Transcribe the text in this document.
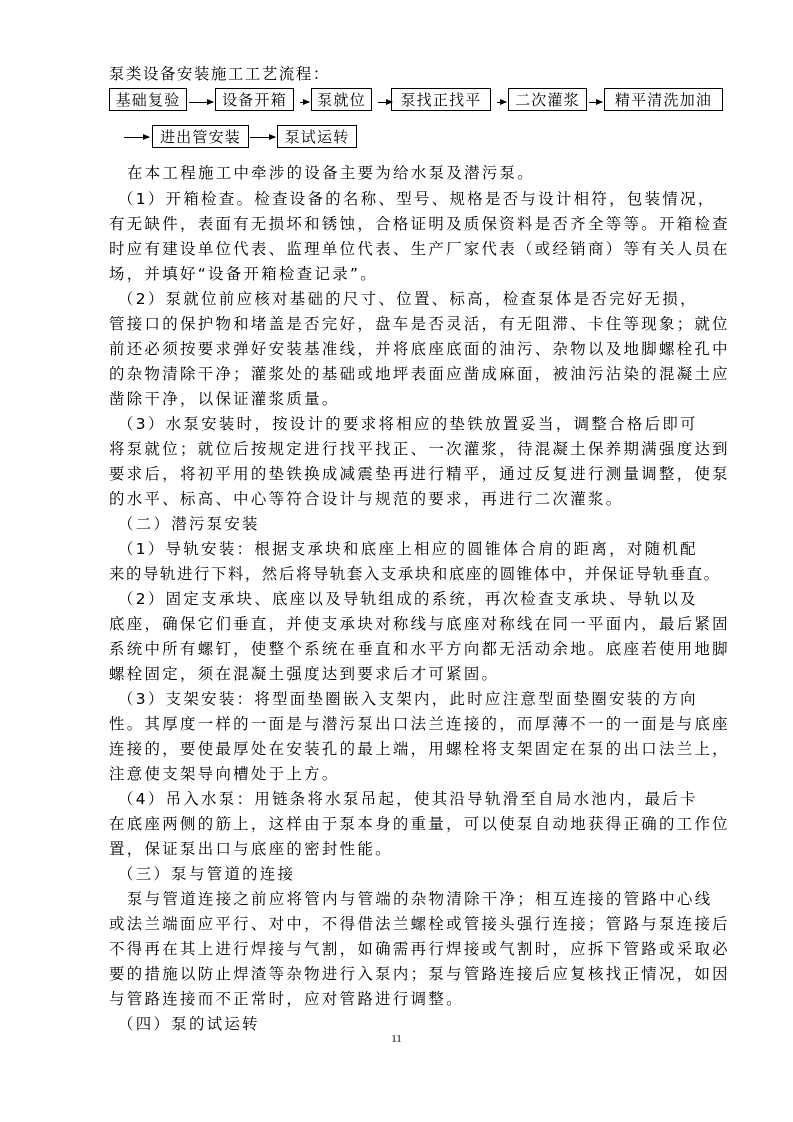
泵类设备安装施工工艺流程：
基础复验	设备开箱	泵就位	泵找正找平	二次灌浆	精平清洗加油
进出管安装	泵试运转
在本工程施工中牵涉的设备主要为给水泵及潜污泵。
（1）开箱检查。检查设备的名称、型号、规格是否与设计相符，包装情况，
有无缺件，表面有无损坏和锈蚀，合格证明及质保资料是否齐全等等。开箱检查
时应有建设单位代表、监理单位代表、生产厂家代表（或经销商）等有关人员在
场，并填好“设备开箱检查记录”。
（2）泵就位前应核对基础的尺寸、位置、标高，检查泵体是否完好无损，
管接口的保护物和堵盖是否完好，盘车是否灵活，有无阻滞、卡住等现象；就位
前还必须按要求弹好安装基准线，并将底座底面的油污、杂物以及地脚螺栓孔中
的杂物清除干净；灌浆处的基础或地坪表面应凿成麻面，被油污沾染的混凝土应
凿除干净，以保证灌浆质量。
（3）水泵安装时，按设计的要求将相应的垫铁放置妥当，调整合格后即可
将泵就位；就位后按规定进行找平找正、一次灌浆，待混凝土保养期满强度达到
要求后，将初平用的垫铁换成减震垫再进行精平，通过反复进行测量调整，使泵
的水平、标高、中心等符合设计与规范的要求，再进行二次灌浆。
（二）潜污泵安装
（1）导轨安装：根据支承块和底座上相应的圆锥体合肩的距离，对随机配
来的导轨进行下料，然后将导轨套入支承块和底座的圆锥体中，并保证导轨垂直。
（2）固定支承块、底座以及导轨组成的系统，再次检查支承块、导轨以及
底座，确保它们垂直，并使支承块对称线与底座对称线在同一平面内，最后紧固
系统中所有螺钉，使整个系统在垂直和水平方向都无活动余地。底座若使用地脚
螺栓固定，须在混凝土强度达到要求后才可紧固。
（3）支架安装：将型面垫圈嵌入支架内，此时应注意型面垫圈安装的方向
性。其厚度一样的一面是与潜污泵出口法兰连接的，而厚薄不一的一面是与底座
连接的，要使最厚处在安装孔的最上端，用螺栓将支架固定在泵的出口法兰上，
注意使支架导向槽处于上方。
（4）吊入水泵：用链条将水泵吊起，使其沿导轨滑至自局水池内，最后卡
在底座两侧的筋上，这样由于泵本身的重量，可以使泵自动地获得正确的工作位
置，保证泵出口与底座的密封性能。
（三）泵与管道的连接
泵与管道连接之前应将管内与管端的杂物清除干净；相互连接的管路中心线
或法兰端面应平行、对中，不得借法兰螺栓或管接头强行连接；管路与泵连接后
不得再在其上进行焊接与气割，如确需再行焊接或气割时，应拆下管路或采取必
要的措施以防止焊渣等杂物进行入泵内；泵与管路连接后应复核找正情况，如因
与管路连接而不正常时，应对管路进行调整。
（四）泵的试运转
11
